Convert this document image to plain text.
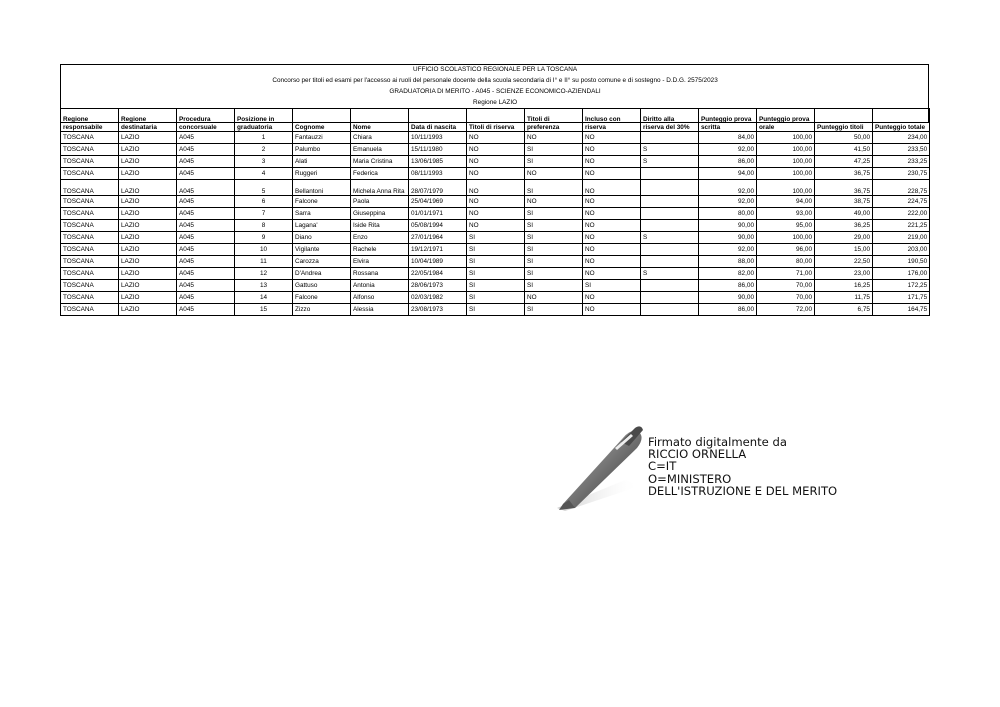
UFFICIO SCOLASTICO REGIONALE PER LA TOSCANA														
Concorso per titoli ed esami per l'accesso ai ruoli del personale docente della scuola secondaria di I° e II° su posto comune e di sostegno - D.D.G. 2575/2023														
GRADUATORIA DI MERITO - A045 - SCIENZE ECONOMICO-AZIENDALI														
Regione LAZIO														
Regione responsabile	Regione destinataria	Procedura concorsuale	Posizione in graduatoria	Cognome	Nome	Data di nascita	Titoli di riserva	Titoli di preferenza	Incluso con riserva	Diritto alla riserva del 30%	Punteggio prova scritta	Punteggio prova orale	Punteggio titoli	Punteggio totale
TOSCANA	LAZIO	A045	1	Fantauzzi	Chiara	10/11/1993	NO	NO	NO		84,00	100,00	50,00	234,00
TOSCANA	LAZIO	A045	2	Palumbo	Emanuela	15/11/1980	NO	SI	NO	S	92,00	100,00	41,50	233,50
TOSCANA	LAZIO	A045	3	Alati	Maria Cristina	13/06/1985	NO	SI	NO	S	86,00	100,00	47,25	233,25
TOSCANA	LAZIO	A045	4	Ruggeri	Federica	08/11/1993	NO	NO	NO		94,00	100,00	36,75	230,75
TOSCANA	LAZIO	A045	5	Bellantoni	Michela Anna Rita	28/07/1979	NO	SI	NO		92,00	100,00	36,75	228,75
TOSCANA	LAZIO	A045	6	Falcone	Paola	25/04/1969	NO	NO	NO		92,00	94,00	38,75	224,75
TOSCANA	LAZIO	A045	7	Sarra	Giuseppina	01/01/1971	NO	SI	NO		80,00	93,00	49,00	222,00
TOSCANA	LAZIO	A045	8	Lagana'	Iside Rita	05/08/1994	NO	SI	NO		90,00	95,00	36,25	221,25
TOSCANA	LAZIO	A045	9	Diano	Enzo	27/01/1964	SI	SI	NO	S	90,00	100,00	29,00	219,00
TOSCANA	LAZIO	A045	10	Vigilante	Rachele	19/12/1971	SI	SI	NO		92,00	96,00	15,00	203,00
TOSCANA	LAZIO	A045	11	Carozza	Elvira	10/04/1989	SI	SI	NO		88,00	80,00	22,50	190,50
TOSCANA	LAZIO	A045	12	D'Andrea	Rossana	22/05/1984	SI	SI	NO	S	82,00	71,00	23,00	176,00
TOSCANA	LAZIO	A045	13	Gattuso	Antonia	28/06/1973	SI	SI	SI		86,00	70,00	16,25	172,25
TOSCANA	LAZIO	A045	14	Falcone	Alfonso	02/03/1982	SI	NO	NO		90,00	70,00	11,75	171,75
TOSCANA	LAZIO	A045	15	Zizzo	Alessia	23/08/1973	SI	SI	NO		86,00	72,00	6,75	164,75
Firmato digitalmente da
RICCIO ORNELLA
C=IT
O=MINISTERO
DELL'ISTRUZIONE E DEL MERITO
